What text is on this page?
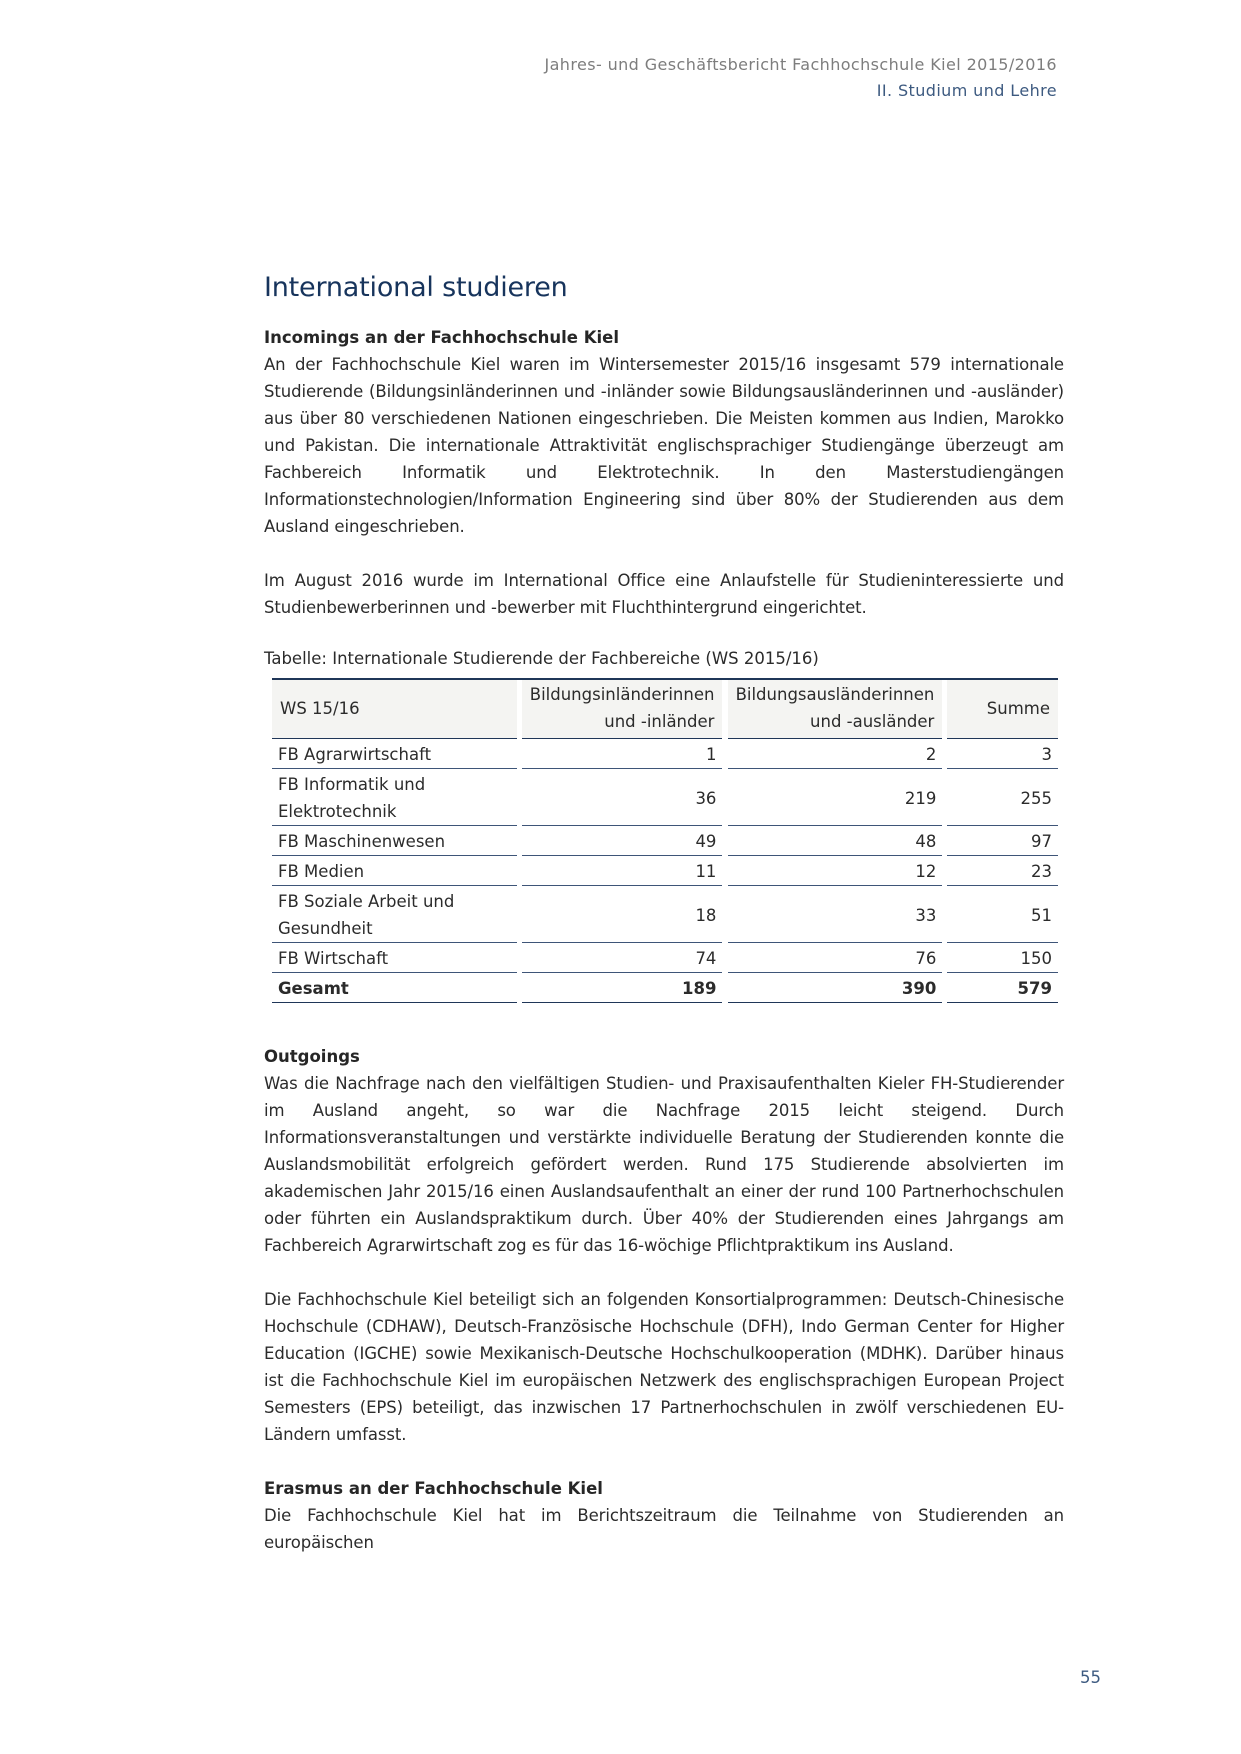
Jahres- und Geschäftsbericht Fachhochschule Kiel 2015/2016
II. Studium und Lehre
International studieren
Incomings an der Fachhochschule Kiel

An der Fachhochschule Kiel waren im Wintersemester 2015/16 insgesamt 579 internationale Studierende (Bildungsinländerinnen und -inländer sowie Bildungsausländerinnen und -ausländer) aus über 80 verschiedenen Nationen eingeschrieben. Die Meisten kommen aus Indien, Marokko und Pakistan. Die internationale Attraktivität englischsprachiger Studiengänge überzeugt am Fachbereich Informatik und Elektrotechnik. In den Masterstudiengängen Informationstechnologien/Information Engineering sind über 80% der Studierenden aus dem Ausland eingeschrieben.

Im August 2016 wurde im International Office eine Anlaufstelle für Studieninteressierte und Studienbewerberinnen und -bewerber mit Fluchthintergrund eingerichtet.

Tabelle: Internationale Studierende der Fachbereiche (WS 2015/16)
WS 15/16		Bildungsinländerinnen und -inländer		Bildungsausländerinnen und -ausländer		Summe
FB Agrarwirtschaft		1		2		3
FB Informatik und Elektrotechnik		36		219		255
FB Maschinenwesen		49		48		97
FB Medien		11		12		23
FB Soziale Arbeit und Gesundheit		18		33		51
FB Wirtschaft		74		76		150
Gesamt		189		390		579
Outgoings

Was die Nachfrage nach den vielfältigen Studien- und Praxisaufenthalten Kieler FH-Studierender im Ausland angeht, so war die Nachfrage 2015 leicht steigend. Durch Informationsveranstaltungen und verstärkte individuelle Beratung der Studierenden konnte die Auslandsmobilität erfolgreich gefördert werden. Rund 175 Studierende absolvierten im akademischen Jahr 2015/16 einen Auslandsaufenthalt an einer der rund 100 Partnerhochschulen oder führten ein Auslandspraktikum durch. Über 40% der Studierenden eines Jahrgangs am Fachbereich Agrarwirtschaft zog es für das 16-wöchige Pflichtpraktikum ins Ausland.

Die Fachhochschule Kiel beteiligt sich an folgenden Konsortialprogrammen: Deutsch-Chinesische Hochschule (CDHAW), Deutsch-Französische Hochschule (DFH), Indo German Center for Higher Education (IGCHE) sowie Mexikanisch-Deutsche Hochschulkooperation (MDHK). Darüber hinaus ist die Fachhochschule Kiel im europäischen Netzwerk des englischsprachigen European Project Semesters (EPS) beteiligt, das inzwischen 17 Partnerhochschulen in zwölf verschiedenen EU-Ländern umfasst.

Erasmus an der Fachhochschule Kiel

Die Fachhochschule Kiel hat im Berichtszeitraum die Teilnahme von Studierenden an europäischen

55
